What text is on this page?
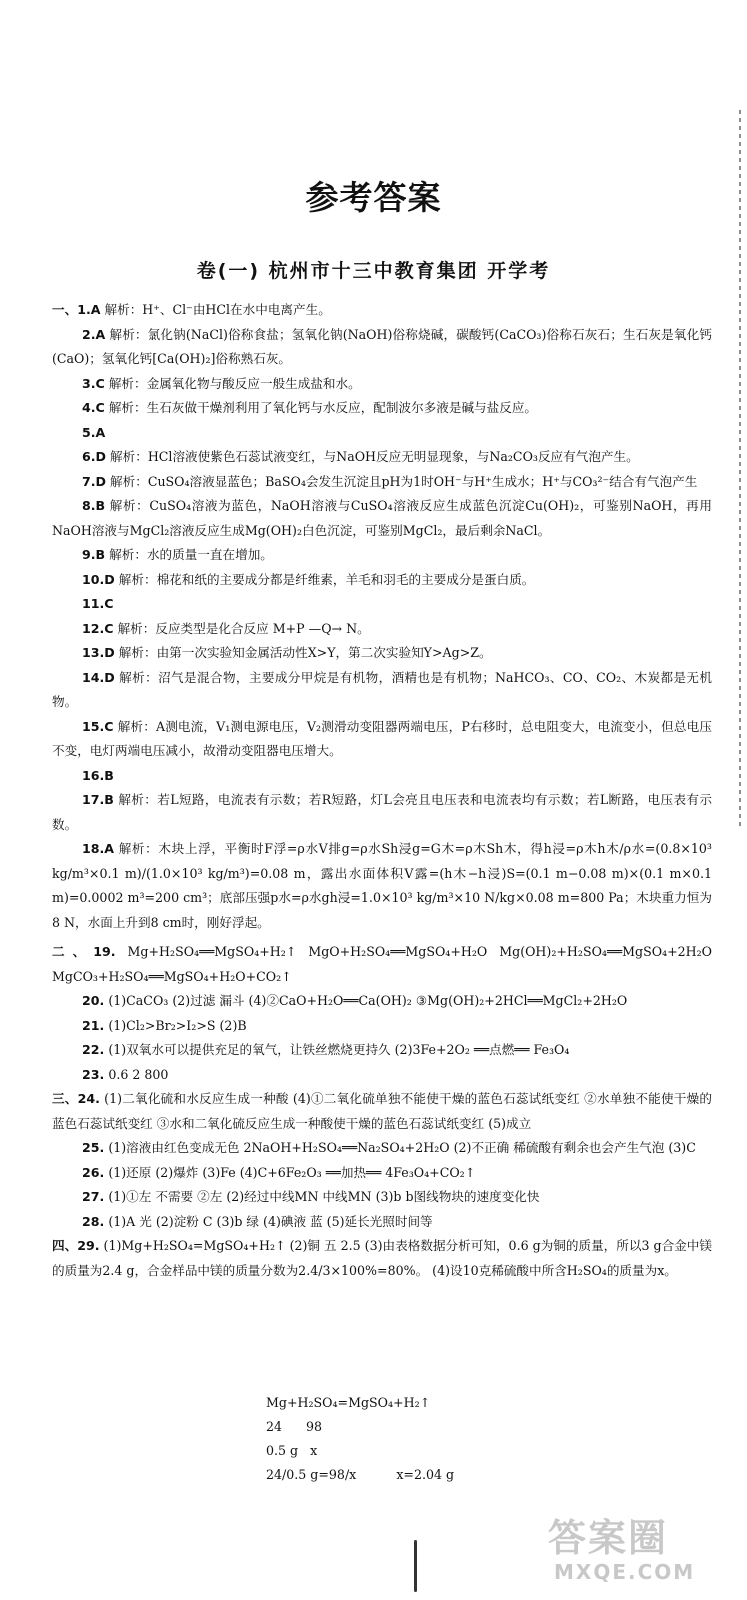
参考答案
卷(一) 杭州市十三中教育集团 开学考

一、1.A 解析：H⁺、Cl⁻由HCl在水中电离产生。

2.A 解析：氯化钠(NaCl)俗称食盐；氢氧化钠(NaOH)俗称烧碱，碳酸钙(CaCO₃)俗称石灰石；生石灰是氧化钙(CaO)；氢氧化钙[Ca(OH)₂]俗称熟石灰。

3.C 解析：金属氧化物与酸反应一般生成盐和水。

4.C 解析：生石灰做干燥剂利用了氧化钙与水反应，配制波尔多液是碱与盐反应。

5.A

6.D 解析：HCl溶液使紫色石蕊试液变红，与NaOH反应无明显现象，与Na₂CO₃反应有气泡产生。

7.D 解析：CuSO₄溶液显蓝色；BaSO₄会发生沉淀且pH为1时OH⁻与H⁺生成水；H⁺与CO₃²⁻结合有气泡产生

8.B 解析：CuSO₄溶液为蓝色，NaOH溶液与CuSO₄溶液反应生成蓝色沉淀Cu(OH)₂，可鉴别NaOH，再用NaOH溶液与MgCl₂溶液反应生成Mg(OH)₂白色沉淀，可鉴别MgCl₂，最后剩余NaCl。

9.B 解析：水的质量一直在增加。

10.D 解析：棉花和纸的主要成分都是纤维素，羊毛和羽毛的主要成分是蛋白质。

11.C

12.C 解析：反应类型是化合反应 M+P —Q→ N。

13.D 解析：由第一次实验知金属活动性X>Y，第二次实验知Y>Ag>Z。

14.D 解析：沼气是混合物，主要成分甲烷是有机物，酒精也是有机物；NaHCO₃、CO、CO₂、木炭都是无机物。

15.C 解析：A测电流，V₁测电源电压，V₂测滑动变阻器两端电压，P右移时，总电阻变大，电流变小，但总电压不变，电灯两端电压减小，故滑动变阻器电压增大。

16.B

17.B 解析：若L短路，电流表有示数；若R短路，灯L会亮且电压表和电流表均有示数；若L断路，电压表有示数。

18.A 解析：木块上浮，平衡时F浮=ρ水V排g=ρ水Sh浸g=G木=ρ木Sh木，得h浸=ρ木h木/ρ水=(0.8×10³ kg/m³×0.1 m)/(1.0×10³ kg/m³)=0.08 m，露出水面体积V露=(h木−h浸)S=(0.1 m−0.08 m)×(0.1 m×0.1 m)=0.0002 m³=200 cm³；底部压强p水=ρ水gh浸=1.0×10³ kg/m³×10 N/kg×0.08 m=800 Pa；木块重力恒为8 N，水面上升到8 cm时，刚好浮起。

二、19. Mg+H₂SO₄══MgSO₄+H₂↑ MgO+H₂SO₄══MgSO₄+H₂O Mg(OH)₂+H₂SO₄══MgSO₄+2H₂O MgCO₃+H₂SO₄══MgSO₄+H₂O+CO₂↑

20. (1)CaCO₃ (2)过滤 漏斗 (4)②CaO+H₂O══Ca(OH)₂ ③Mg(OH)₂+2HCl══MgCl₂+2H₂O

21. (1)Cl₂>Br₂>I₂>S (2)B

22. (1)双氧水可以提供充足的氧气，让铁丝燃烧更持久 (2)3Fe+2O₂ ══点燃══ Fe₃O₄

23. 0.6 2 800

三、24. (1)二氧化硫和水反应生成一种酸 (4)①二氧化硫单独不能使干燥的蓝色石蕊试纸变红 ②水单独不能使干燥的蓝色石蕊试纸变红 ③水和二氧化硫反应生成一种酸使干燥的蓝色石蕊试纸变红 (5)成立

25. (1)溶液由红色变成无色 2NaOH+H₂SO₄══Na₂SO₄+2H₂O (2)不正确 稀硫酸有剩余也会产生气泡 (3)C

26. (1)还原 (2)爆炸 (3)Fe (4)C+6Fe₂O₃ ══加热══ 4Fe₃O₄+CO₂↑

27. (1)①左 不需要 ②左 (2)经过中线MN 中线MN (3)b b图线物块的速度变化快

28. (1)A 光 (2)淀粉 C (3)b 绿 (4)碘液 蓝 (5)延长光照时间等

四、29. (1)Mg+H₂SO₄=MgSO₄+H₂↑ (2)铜 五 2.5 (3)由表格数据分析可知，0.6 g为铜的质量，所以3 g合金中镁的质量为2.4 g，合金样品中镁的质量分数为2.4/3×100%=80%。 (4)设10克稀硫酸中所含H₂SO₄的质量为x。

Mg+H₂SO₄=MgSO₄+H₂↑
24      98
0.5 g   x
24/0.5 g=98/x          x=2.04 g
答案圈
MXQE.COM
